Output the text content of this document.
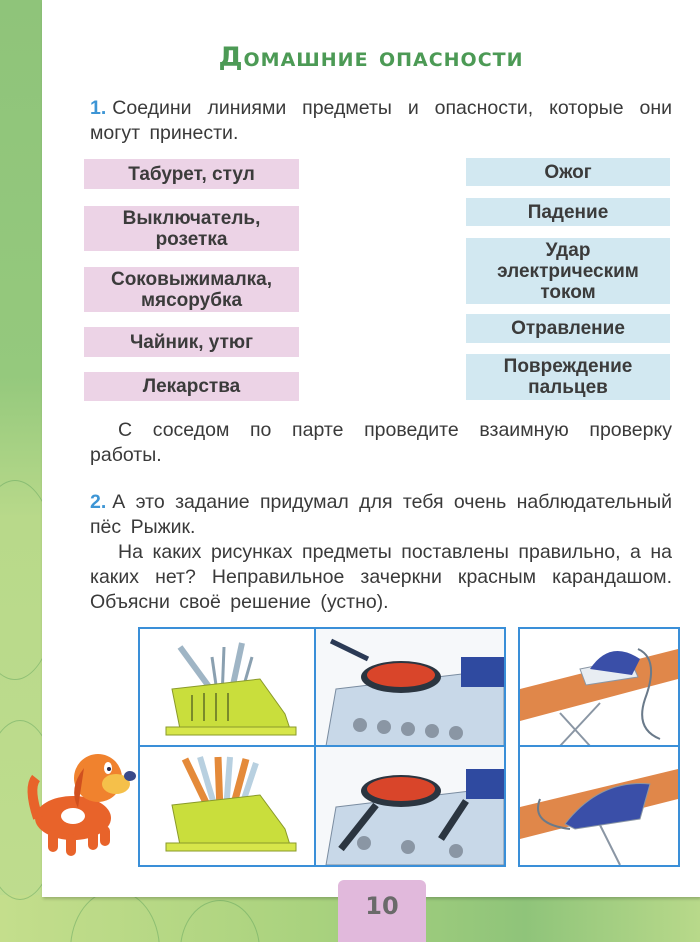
Домашние опасности
1. Соедини линиями предметы и опасности, которые они могут принести.
Табурет, стул
Выключатель, розетка
Соковыжималка, мясорубка
Чайник, утюг
Лекарства
Ожог
Падение
Удар электрическим током
Отравление
Повреждение пальцев
С соседом по парте проведите взаимную проверку работы.
2. А это задание придумал для тебя очень наблюдательный пёс Рыжик.
На каких рисунках предметы поставлены правильно, а на каких нет? Неправильное зачеркни красным карандашом. Объясни своё решение (устно).
10
